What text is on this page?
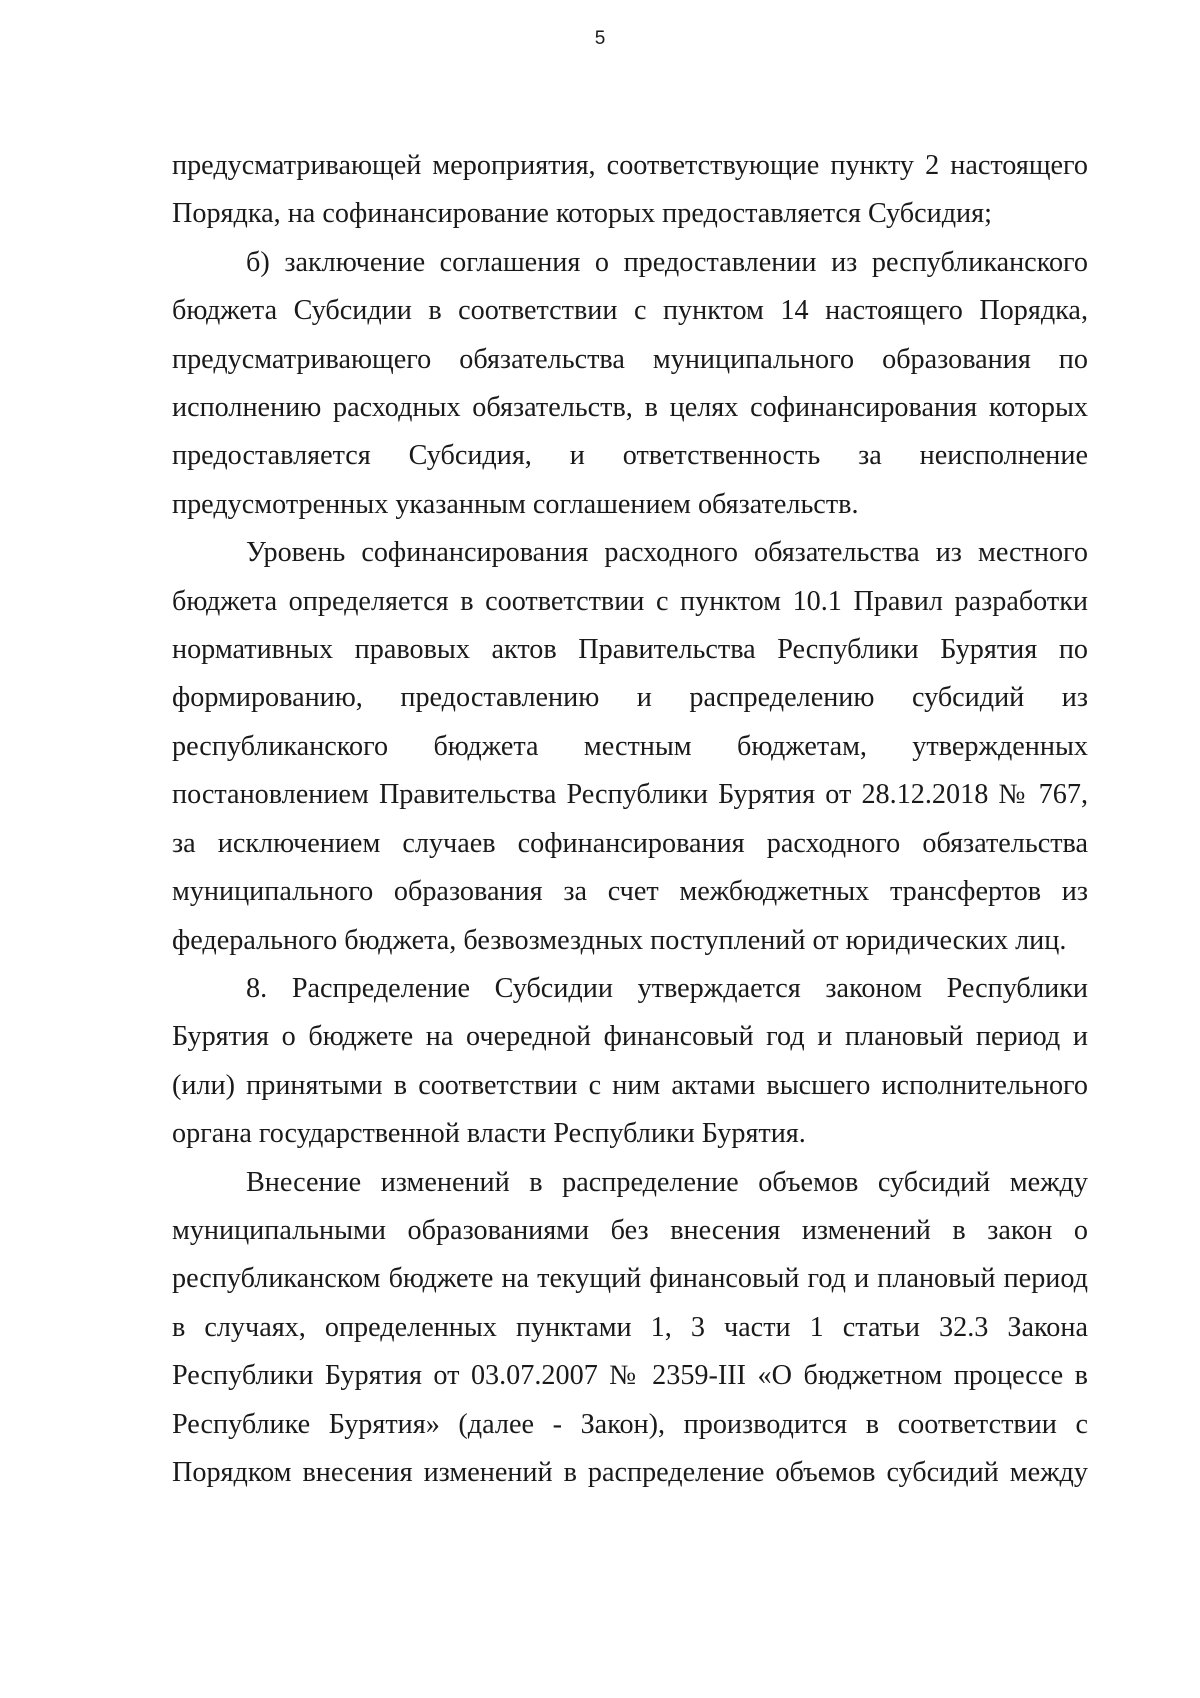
5

предусматривающей мероприятия, соответствующие пункту 2 настоящего Порядка, на софинансирование которых предоставляется Субсидия;

б) заключение соглашения о предоставлении из республиканского бюджета Субсидии в соответствии с пунктом 14 настоящего Порядка, предусматривающего обязательства муниципального образования по исполнению расходных обязательств, в целях софинансирования которых предоставляется Субсидия, и ответственность за неисполнение предусмотренных указанным соглашением обязательств.

Уровень софинансирования расходного обязательства из местного бюджета определяется в соответствии с пунктом 10.1 Правил разработки нормативных правовых актов Правительства Республики Бурятия по формированию, предоставлению и распределению субсидий из республиканского бюджета местным бюджетам, утвержденных постановлением Правительства Республики Бурятия от 28.12.2018 № 767, за исключением случаев софинансирования расходного обязательства муниципального образования за счет межбюджетных трансфертов из федерального бюджета, безвозмездных поступлений от юридических лиц.

8. Распределение Субсидии утверждается законом Республики Бурятия о бюджете на очередной финансовый год и плановый период и (или) принятыми в соответствии с ним актами высшего исполнительного органа государственной власти Республики Бурятия.

Внесение изменений в распределение объемов субсидий между муниципальными образованиями без внесения изменений в закон о республиканском бюджете на текущий финансовый год и плановый период в случаях, определенных пунктами 1, 3 части 1 статьи 32.3 Закона Республики Бурятия от 03.07.2007 № 2359-III «О бюджетном процессе в Республике Бурятия» (далее - Закон), производится в соответствии с Порядком внесения изменений в распределение объемов субсидий между
